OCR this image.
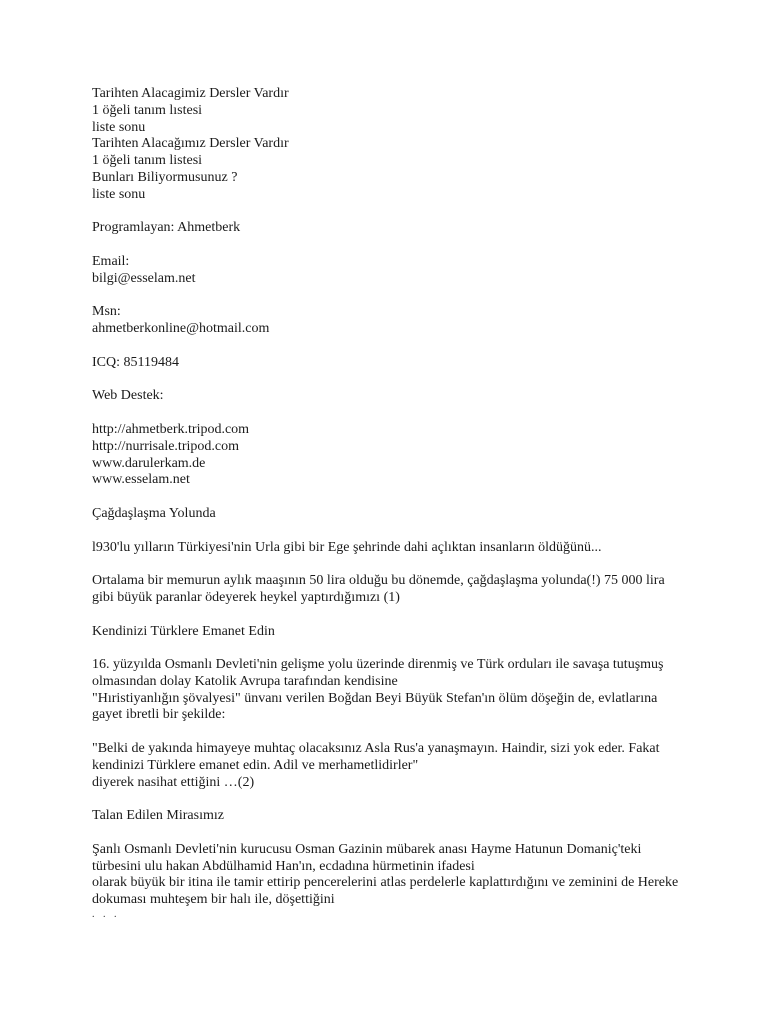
Tarihten Alacagimiz Dersler Vardır
1 öğeli tanım lıstesi
liste sonu
Tarihten Alacağımız Dersler Vardır
1 öğeli tanım listesi
Bunları Biliyormusunuz ?
liste sonu
Programlayan: Ahmetberk
Email:
bilgi@esselam.net
Msn:
ahmetberkonline@hotmail.com
ICQ: 85119484
Web Destek:
http://ahmetberk.tripod.com
http://nurrisale.tripod.com
www.darulerkam.de
www.esselam.net
Çağdaşlaşma Yolunda
l930'lu yılların Türkiyesi'nin Urla gibi bir Ege şehrinde dahi açlıktan insanların öldüğünü...
Ortalama bir memurun aylık maaşının 50 lira olduğu bu dönemde, çağdaşlaşma yolunda(!) 75 000 lira gibi büyük paranlar ödeyerek heykel yaptırdığımızı (1)
Kendinizi Türklere Emanet Edin
16. yüzyılda Osmanlı Devleti'nin gelişme yolu üzerinde direnmiş ve Türk orduları ile savaşa tutuşmuş olmasından dolay Katolik Avrupa tarafından kendisine
"Hıristiyanlığın şövalyesi" ünvanı verilen Boğdan Beyi Büyük Stefan'ın ölüm döşeğin de, evlatlarına gayet ibretli bir şekilde:
"Belki de yakında himayeye muhtaç olacaksınız Asla Rus'a yanaşmayın. Haindir, sizi yok eder. Fakat kendinizi Türklere emanet edin. Adil ve merhametlidirler"
diyerek nasihat ettiğini …(2)
Talan Edilen Mirasımız
Şanlı Osmanlı Devleti'nin kurucusu Osman Gazinin mübarek anası Hayme Hatunun Domaniç'teki türbesini ulu hakan Abdülhamid Han'ın, ecdadına hürmetinin ifadesi
olarak büyük bir itina ile tamir ettirip pencerelerini atlas perdelerle kaplattırdığını ve zeminini de Hereke dokuması muhteşem bir halı ile, döşettiğini
. . .
